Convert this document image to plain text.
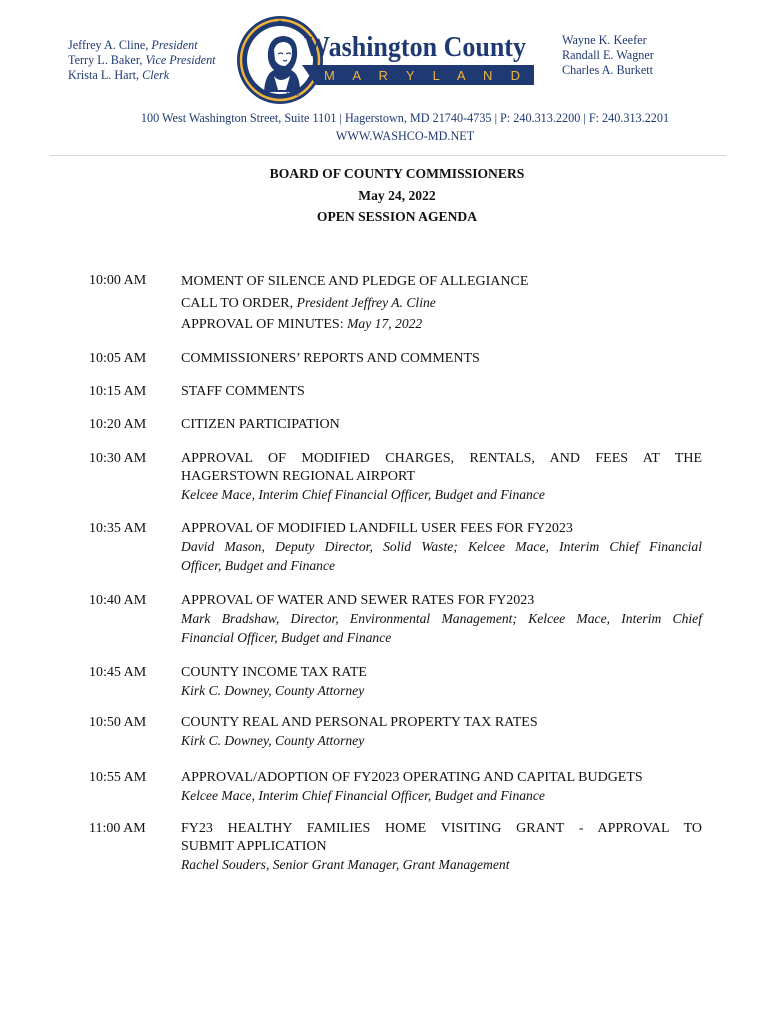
Jeffrey A. Cline, President
Terry L. Baker, Vice President
Krista L. Hart, Clerk
1776
Washington County
M A R Y L A N D
Wayne K. Keefer
Randall E. Wagner
Charles A. Burkett
100 West Washington Street, Suite 1101 | Hagerstown, MD 21740-4735 | P: 240.313.2200 | F: 240.313.2201
WWW.WASHCO-MD.NET
BOARD OF COUNTY COMMISSIONERS
May 24, 2022
OPEN SESSION AGENDA
10:00 AM MOMENT OF SILENCE AND PLEDGE OF ALLEGIANCE
CALL TO ORDER, President Jeffrey A. Cline
APPROVAL OF MINUTES: May 17, 2022
10:05 AM COMMISSIONERS’ REPORTS AND COMMENTS
10:15 AM STAFF COMMENTS
10:20 AM CITIZEN PARTICIPATION
10:30 AM APPROVAL OF MODIFIED CHARGES, RENTALS, AND FEES AT THE
HAGERSTOWN REGIONAL AIRPORT
Kelcee Mace, Interim Chief Financial Officer, Budget and Finance
10:35 AM APPROVAL OF MODIFIED LANDFILL USER FEES FOR FY2023
David Mason, Deputy Director, Solid Waste; Kelcee Mace, Interim Chief Financial
Officer, Budget and Finance
10:40 AM APPROVAL OF WATER AND SEWER RATES FOR FY2023
Mark Bradshaw, Director, Environmental Management; Kelcee Mace, Interim Chief
Financial Officer, Budget and Finance
10:45 AM COUNTY INCOME TAX RATE
Kirk C. Downey, County Attorney
10:50 AM COUNTY REAL AND PERSONAL PROPERTY TAX RATES
Kirk C. Downey, County Attorney
10:55 AM APPROVAL/ADOPTION OF FY2023 OPERATING AND CAPITAL BUDGETS
Kelcee Mace, Interim Chief Financial Officer, Budget and Finance
11:00 AM	FY23 HEALTHY FAMILIES HOME VISITING GRANT - APPROVAL TO
SUBMIT APPLICATION
Rachel Souders, Senior Grant Manager, Grant Management
